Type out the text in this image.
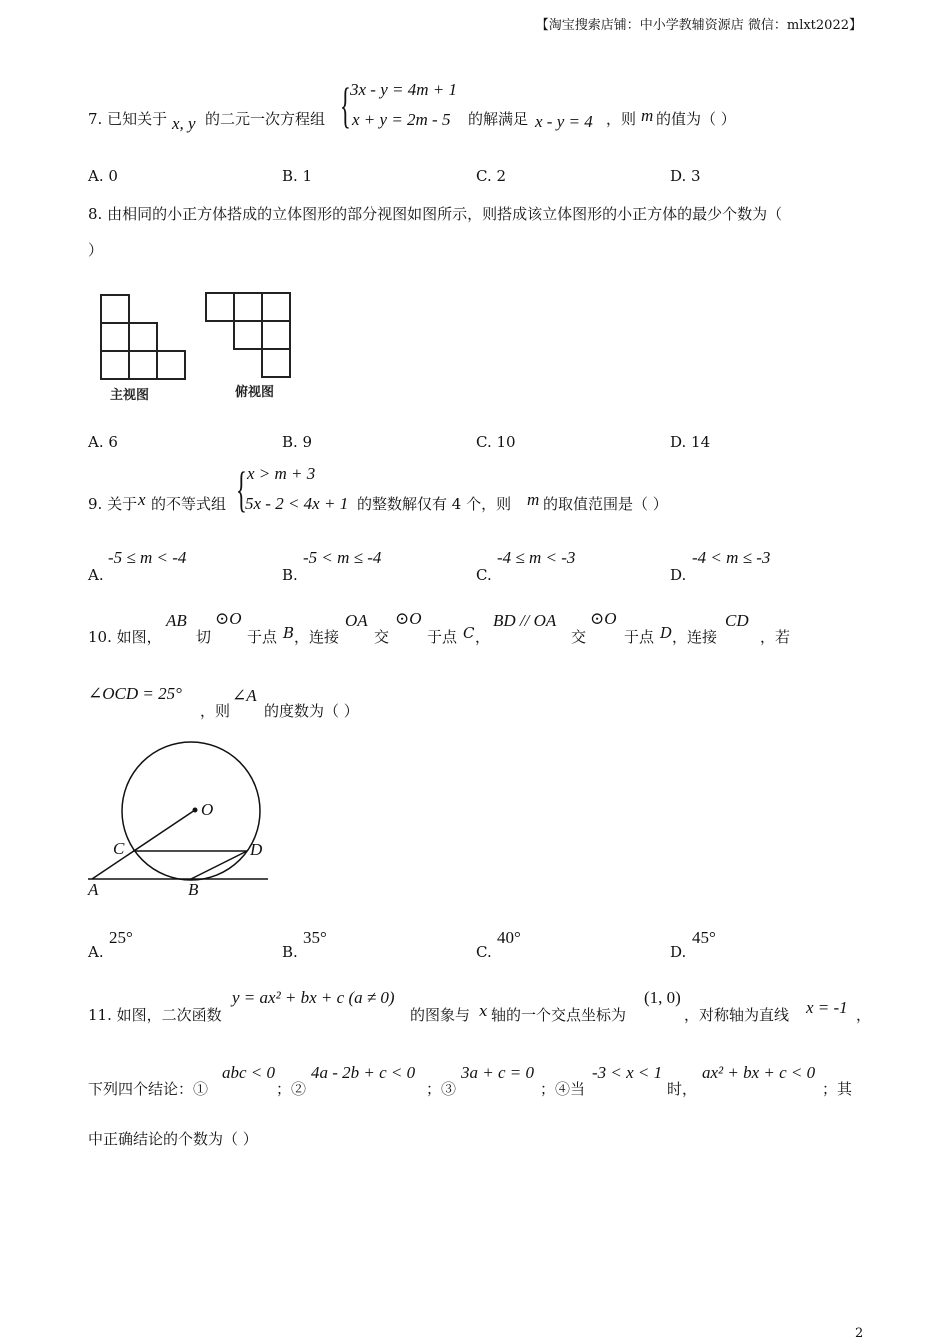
【淘宝搜索店铺：中小学教辅资源店 微信：mlxt2022】
7. 已知关于 x, y 的二元一次方程组 { 3x - y = 4m + 1
x + y = 2m - 5 的解满足 x - y = 4 ，则 m 的值为（ ）
A. 0	B. 1	C. 2	D. 3
8. 由相同的小正方体搭成的立体图形的部分视图如图所示，则搭成该立体图形的小正方体的最少个数为（
）
主视图	俯视图
A. 6	B. 9	C. 10	D. 14
9. 关于 x 的不等式组 { x > m + 3
5x - 2 < 4x + 1 的整数解仅有 4 个，则 m 的取值范围是（ ）
A.
-5 ≤ m < -4
B.
-5 < m ≤ -4
C.
-4 ≤ m < -3
D.
-4 < m ≤ -3
10. 如图，
AB
切
⊙O
于点 B ，连接
OA
交
⊙O
于点 C ，
BD // OA
交
⊙O
于点 D ，连接
CD
，若
∠OCD = 25°
，则
∠A
的度数为（ ）
O
C	D
A	B
A.
25°
B.
35°
C.
40°
D.
45°
11. 如图，二次函数
y = ax² + bx + c (a ≠ 0)
的图象与 x 轴的一个交点坐标为
(1, 0)
，对称轴为直线 x = -1 ，
下列四个结论：①
abc < 0
；②
4a - 2b + c < 0
；③
3a + c = 0
；④当
-3 < x < 1
时，
ax² + bx + c < 0
；其
中正确结论的个数为（ ）
2
